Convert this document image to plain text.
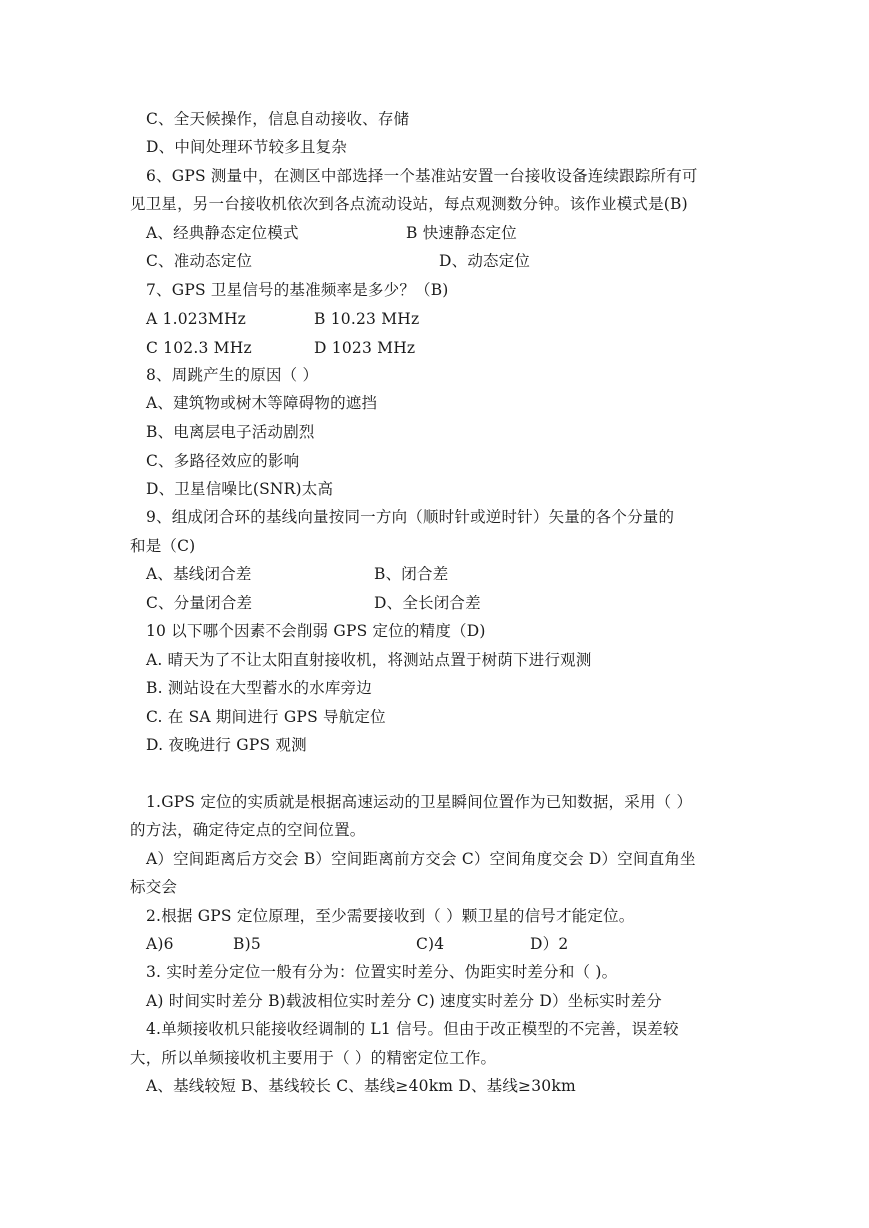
C、全天候操作，信息自动接收、存储
D、中间处理环节较多且复杂
6、GPS 测量中，在测区中部选择一个基准站安置一台接收设备连续跟踪所有可
见卫星，另一台接收机依次到各点流动设站，每点观测数分钟。该作业模式是(B)
A、经典静态定位模式	B 快速静态定位
C、准动态定位	D、动态定位
7、GPS 卫星信号的基准频率是多少？（B)
A 1.023MHz	B 10.23 MHz
C 102.3 MHz	D 1023 MHz
8、周跳产生的原因（ ）
A、建筑物或树木等障碍物的遮挡
B、电离层电子活动剧烈
C、多路径效应的影响
D、卫星信噪比(SNR)太高
9、组成闭合环的基线向量按同一方向（顺时针或逆时针）矢量的各个分量的
和是（C)
A、基线闭合差	B、闭合差
C、分量闭合差	D、全长闭合差
10 以下哪个因素不会削弱 GPS 定位的精度（D)
A. 晴天为了不让太阳直射接收机，将测站点置于树荫下进行观测
B. 测站设在大型蓄水的水库旁边
C. 在 SA 期间进行 GPS 导航定位
D. 夜晚进行 GPS 观测
1.GPS 定位的实质就是根据高速运动的卫星瞬间位置作为已知数据，采用（ ）
的方法，确定待定点的空间位置。
A）空间距离后方交会 B）空间距离前方交会 C）空间角度交会 D）空间直角坐
标交会
2.根据 GPS 定位原理，至少需要接收到（ ）颗卫星的信号才能定位。
A)6	B)5	C)4	D）2
3. 实时差分定位一般有分为：位置实时差分、伪距实时差分和（ )。
A) 时间实时差分 B)载波相位实时差分 C) 速度实时差分 D）坐标实时差分
4.单频接收机只能接收经调制的 L1 信号。但由于改正模型的不完善，误差较
大，所以单频接收机主要用于（ ）的精密定位工作。
A、基线较短 B、基线较长 C、基线≥40km D、基线≥30km
